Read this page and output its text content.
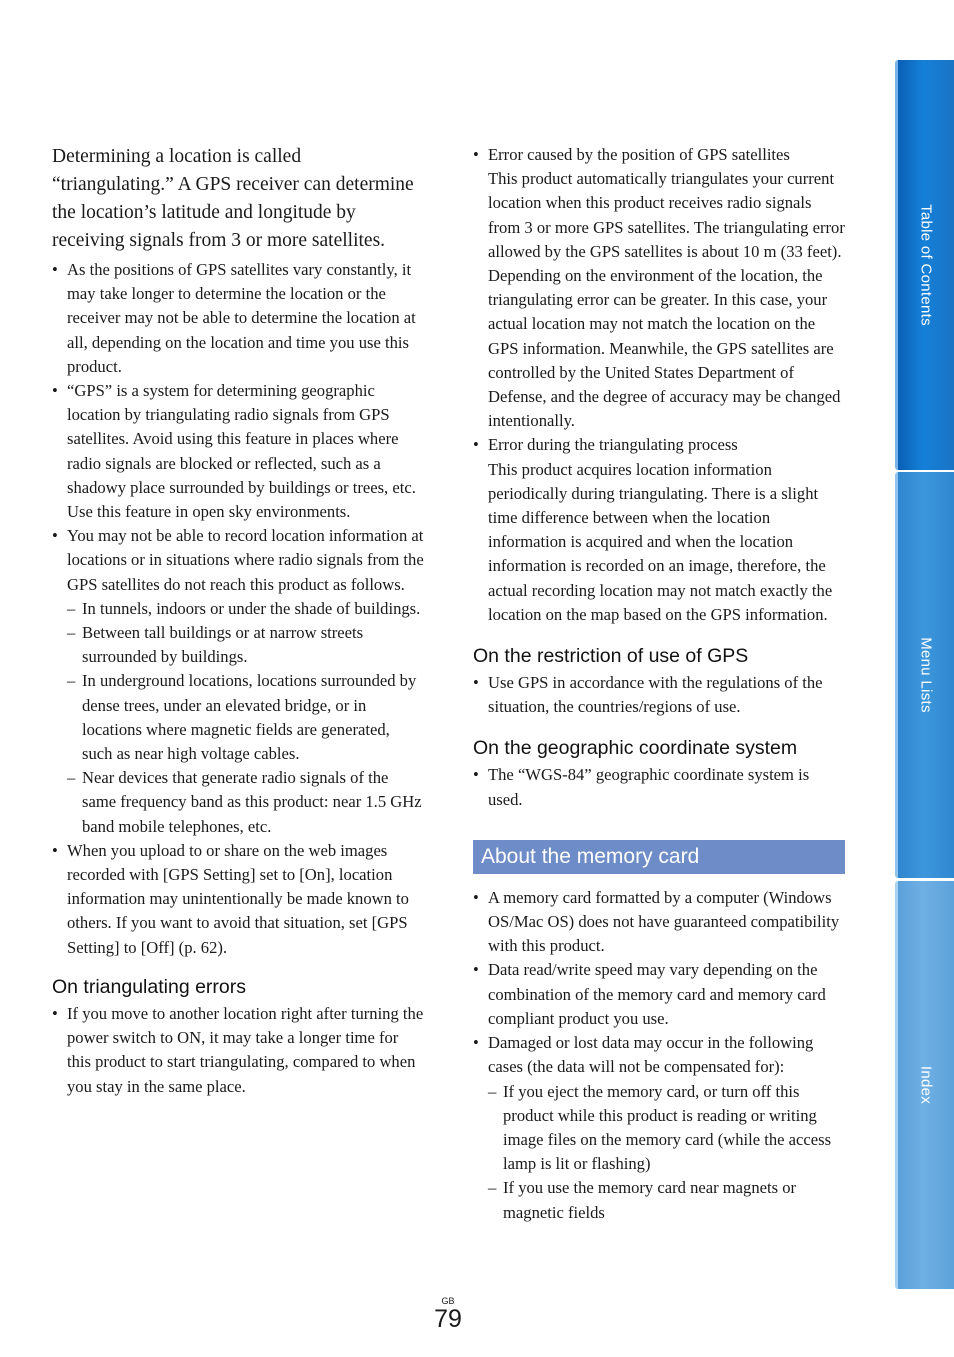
Determining a location is called “triangulating.” A GPS receiver can determine the location’s latitude and longitude by receiving signals from 3 or more satellites.

• As the positions of GPS satellites vary constantly, it may take longer to determine the location or the receiver may not be able to determine the location at all, depending on the location and time you use this product.
• “GPS” is a system for determining geographic location by triangulating radio signals from GPS satellites. Avoid using this feature in places where radio signals are blocked or reflected, such as a shadowy place surrounded by buildings or trees, etc. Use this feature in open sky environments.
• You may not be able to record location information at locations or in situations where radio signals from the GPS satellites do not reach this product as follows.
– In tunnels, indoors or under the shade of buildings.
– Between tall buildings or at narrow streets surrounded by buildings.
– In underground locations, locations surrounded by dense trees, under an elevated bridge, or in locations where magnetic fields are generated, such as near high voltage cables.
– Near devices that generate radio signals of the same frequency band as this product: near 1.5 GHz band mobile telephones, etc.
• When you upload to or share on the web images recorded with [GPS Setting] set to [On], location information may unintentionally be made known to others. If you want to avoid that situation, set [GPS Setting] to [Off] (p. 62).
On triangulating errors
• If you move to another location right after turning the power switch to ON, it may take a longer time for this product to start triangulating, compared to when you stay in the same place.
• Error caused by the position of GPS satellites
This product automatically triangulates your current location when this product receives radio signals from 3 or more GPS satellites. The triangulating error allowed by the GPS satellites is about 10 m (33 feet). Depending on the environment of the location, the triangulating error can be greater. In this case, your actual location may not match the location on the GPS information. Meanwhile, the GPS satellites are controlled by the United States Department of Defense, and the degree of accuracy may be changed intentionally.
• Error during the triangulating process
This product acquires location information periodically during triangulating. There is a slight time difference between when the location information is acquired and when the location information is recorded on an image, therefore, the actual recording location may not match exactly the location on the map based on the GPS information.
On the restriction of use of GPS
• Use GPS in accordance with the regulations of the situation, the countries/regions of use.
On the geographic coordinate system
• The “WGS-84” geographic coordinate system is used.
About the memory card
• A memory card formatted by a computer (Windows OS/Mac OS) does not have guaranteed compatibility with this product.
• Data read/write speed may vary depending on the combination of the memory card and memory card compliant product you use.
• Damaged or lost data may occur in the following cases (the data will not be compensated for):
– If you eject the memory card, or turn off this product while this product is reading or writing image files on the memory card (while the access lamp is lit or flashing)
– If you use the memory card near magnets or magnetic fields
Table of Contents
Menu Lists
Index
GB
79
